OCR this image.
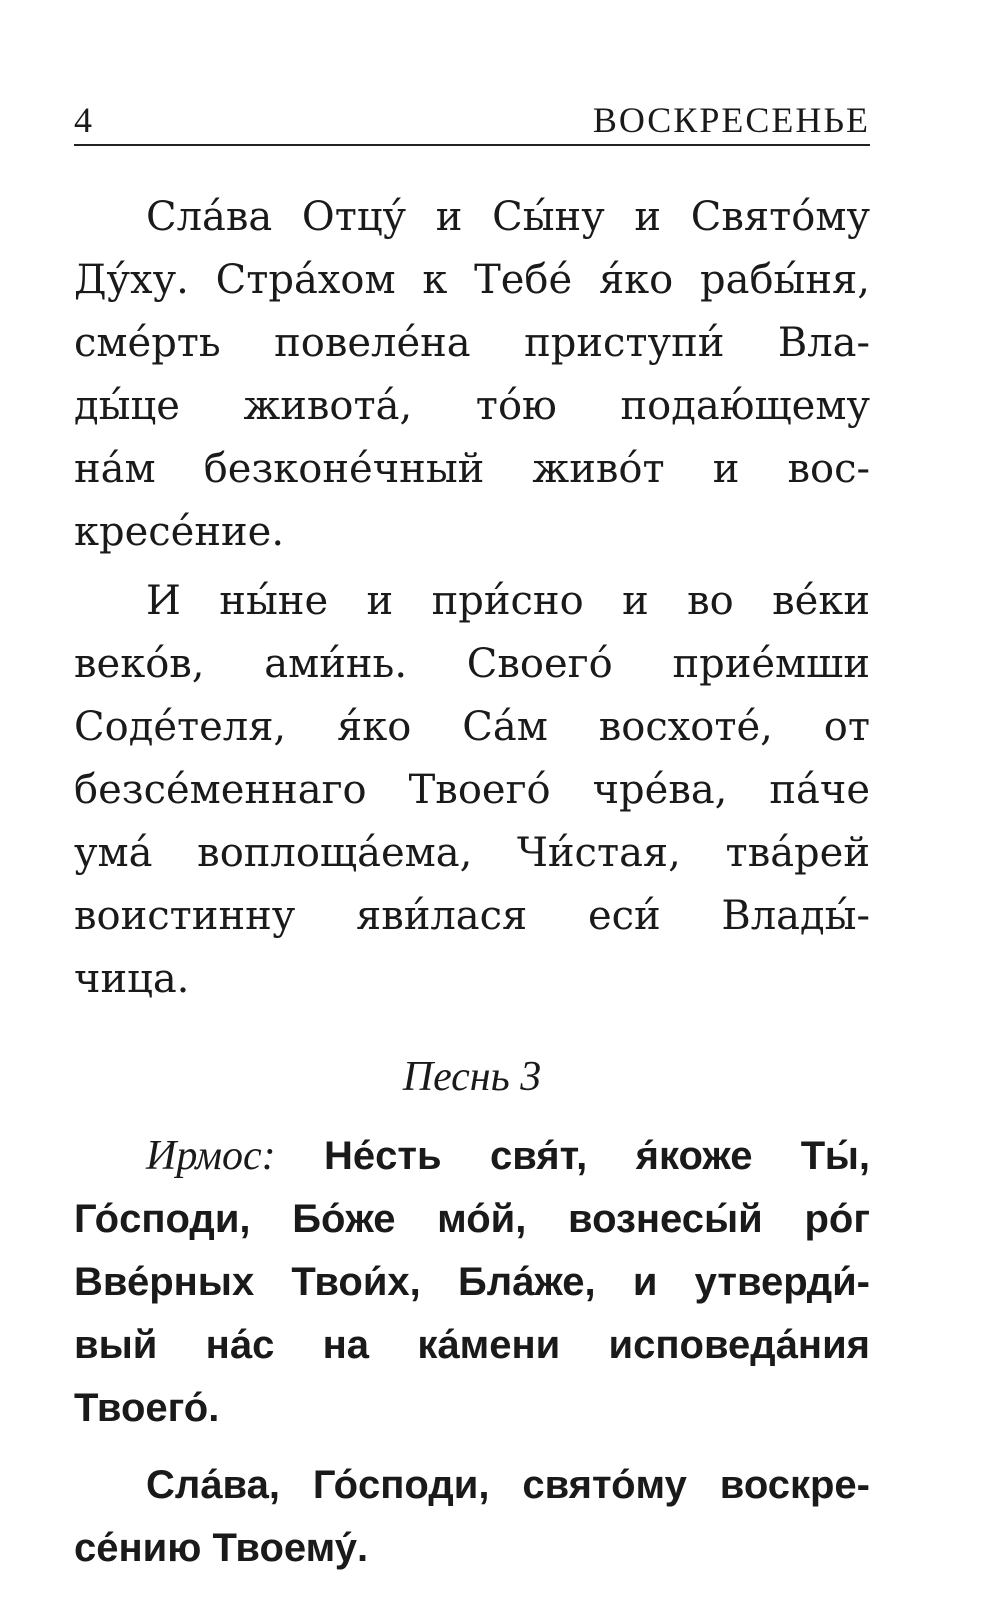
4	ВОСКРЕСЕНЬЕ
Сла́ва Отцу́ и Сы́ну и Свято́му
Ду́ху. Стра́хом к Тебе́ я́ко рабы́ня,
сме́рть повеле́на приступи́ Вла-
ды́це живота́, то́ю подаю́щему
на́м безконе́чный живо́т и вос-
кресе́ние.
И ны́не и при́сно и во ве́ки
веко́в, ами́нь. Своего́ прие́мши
Соде́теля, я́ко Са́м восхоте́, от
безсе́меннаго Твоего́ чре́ва, па́че
ума́ воплоща́ема, Чи́стая, тва́рей
воистинну яви́лася еси́ Влады́-
чица.
Песнь 3
Ирмос: Не́сть свя́т, я́коже Ты́,
Го́споди, Бо́же мо́й, вознесы́й ро́г
Вве́рных Твои́х, Бла́же, и утверди́-
вый на́с на ка́мени исповеда́ния
Твоего́.
Сла́ва, Го́споди, свято́му воскре-
се́нию Твоему́.
